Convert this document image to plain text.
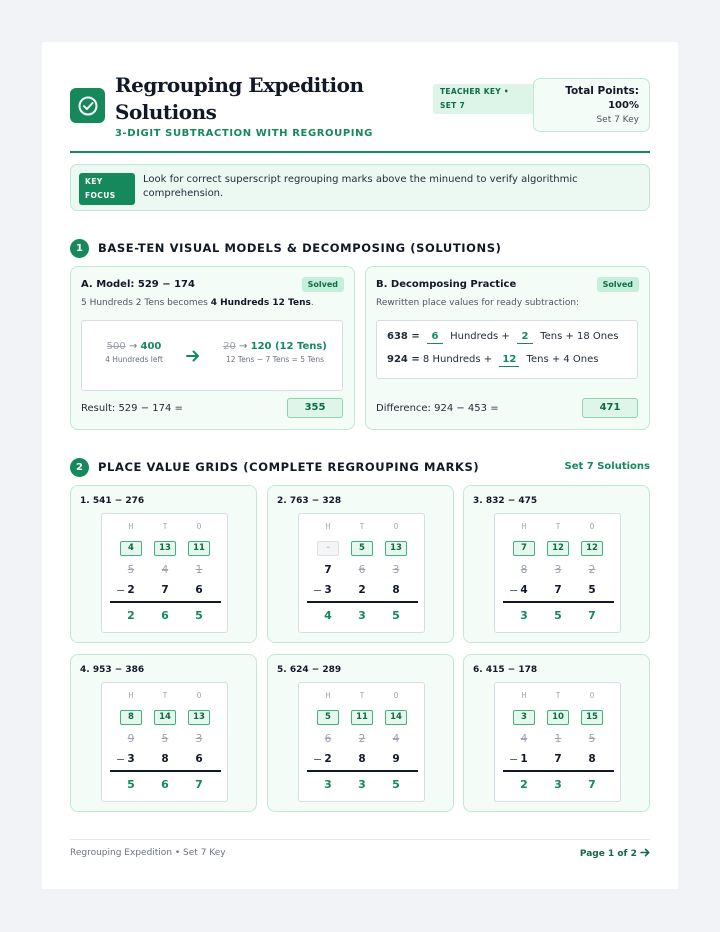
Regrouping Expedition Solutions
3-DIGIT SUBTRACTION WITH REGROUPING
TEACHER KEY • SET 7
Total Points:
100%
Set 7 Key
KEY FOCUS
Look for correct superscript regrouping marks above the minuend to verify algorithmic comprehension.
1	BASE-TEN VISUAL MODELS & DECOMPOSING (SOLUTIONS)
A. Model: 529 − 174	Solved
5 Hundreds 2 Tens becomes 4 Hundreds 12 Tens.
500 → 400
4 Hundreds left
20 → 120 (12 Tens)
12 Tens − 7 Tens = 5 Tens
Result: 529 − 174 =	355
B. Decomposing Practice	Solved
Rewritten place values for ready subtraction:
638 = 6 Hundreds + 2 Tens + 18 Ones
924 = 8 Hundreds + 12 Tens + 4 Ones
Difference: 924 − 453 =	471
2	PLACE VALUE GRIDS (COMPLETE REGROUPING MARKS)	Set 7 Solutions
1. 541 − 276
H	T	O
4	13	11
5	4	1
2	7	6
2	6	5
−
2. 763 − 328
H	T	O
-	5	13
7	6	3
3	2	8
4	3	5
−
3. 832 − 475
H	T	O
7	12	12
8	3	2
4	7	5
3	5	7
−
4. 953 − 386
H	T	O
8	14	13
9	5	3
3	8	6
5	6	7
−
5. 624 − 289
H	T	O
5	11	14
6	2	4
2	8	9
3	3	5
−
6. 415 − 178
H	T	O
3	10	15
4	1	5
1	7	8
2	3	7
−
Regrouping Expedition • Set 7 Key	Page 1 of 2
